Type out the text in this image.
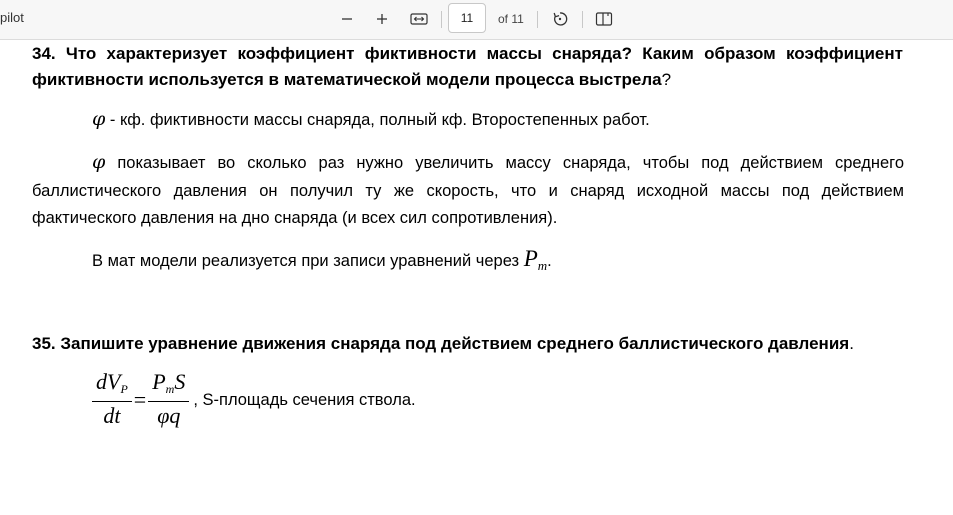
pilot
11	of 11
34. Что характеризует коэффициент фиктивности массы снаряда? Каким образом коэффициент фиктивности используется в математической модели процесса выстрела?
φ - кф. фиктивности массы снаряда, полный кф. Второстепенных работ.
φ показывает во сколько раз нужно увеличить массу снаряда, чтобы под действием среднего баллистического давления он получил ту же скорость, что и снаряд исходной массы под действием фактического давления на дно снаряда (и всех сил сопротивления).
В мат модели реализуется при записи уравнений через $P_m$.
35. Запишите уравнение движения снаряда под действием среднего баллистического давления.
$\frac{dV_P}{dt} = \frac{P_mS}{\varphi q}$ , S-площадь сечения ствола.
